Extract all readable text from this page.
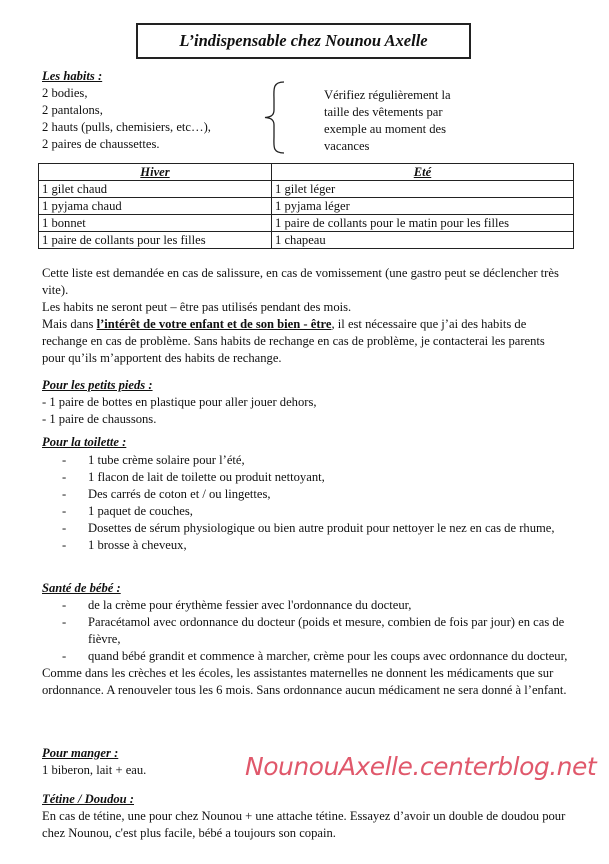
L’indispensable chez Nounou Axelle
Les habits :
2 bodies,
2 pantalons,
2 hauts (pulls, chemisiers, etc…),
2 paires de chaussettes.
Vérifiez régulièrement la
taille des vêtements par
exemple au moment des
vacances
Hiver	Eté
1 gilet chaud	1 gilet léger
1 pyjama chaud	1 pyjama léger
1 bonnet	1 paire de collants pour le matin pour les filles
1 paire de collants pour les filles	1 chapeau
Cette liste est demandée en cas de salissure, en cas de vomissement (une gastro peut se déclencher très vite).
Les habits ne seront peut – être pas utilisés pendant des mois.
Mais dans l’intérêt de votre enfant et de son bien - être, il est nécessaire que j’ai des habits de rechange en cas de problème. Sans habits de rechange en cas de problème, je contacterai les parents pour qu’ils m’apportent des habits de rechange.
Pour les petits pieds :
- 1 paire de bottes en plastique pour aller jouer dehors,
- 1 paire de chaussons.
Pour la toilette :
- 1 tube crème solaire pour l’été,
- 1 flacon de lait de toilette ou produit nettoyant,
- Des carrés de coton et / ou lingettes,
- 1 paquet de couches,
- Dosettes de sérum physiologique ou bien autre produit pour nettoyer le nez en cas de rhume,
- 1 brosse à cheveux,
Santé de bébé :
- de la crème pour érythème fessier avec l'ordonnance du docteur,
- Paracétamol avec ordonnance du docteur (poids et mesure, combien de fois par jour) en cas de fièvre,
- quand bébé grandit et commence à marcher, crème pour les coups avec ordonnance du docteur,
Comme dans les crèches et les écoles, les assistantes maternelles ne donnent les médicaments que sur ordonnance. A renouveler tous les 6 mois. Sans ordonnance aucun médicament ne sera donné à l’enfant.
Pour manger :
1 biberon, lait + eau.	NounouAxelle.centerblog.net
Tétine / Doudou :
En cas de tétine, une pour chez Nounou + une attache tétine. Essayez d’avoir un double de doudou pour chez Nounou, c'est plus facile, bébé a toujours son copain.
